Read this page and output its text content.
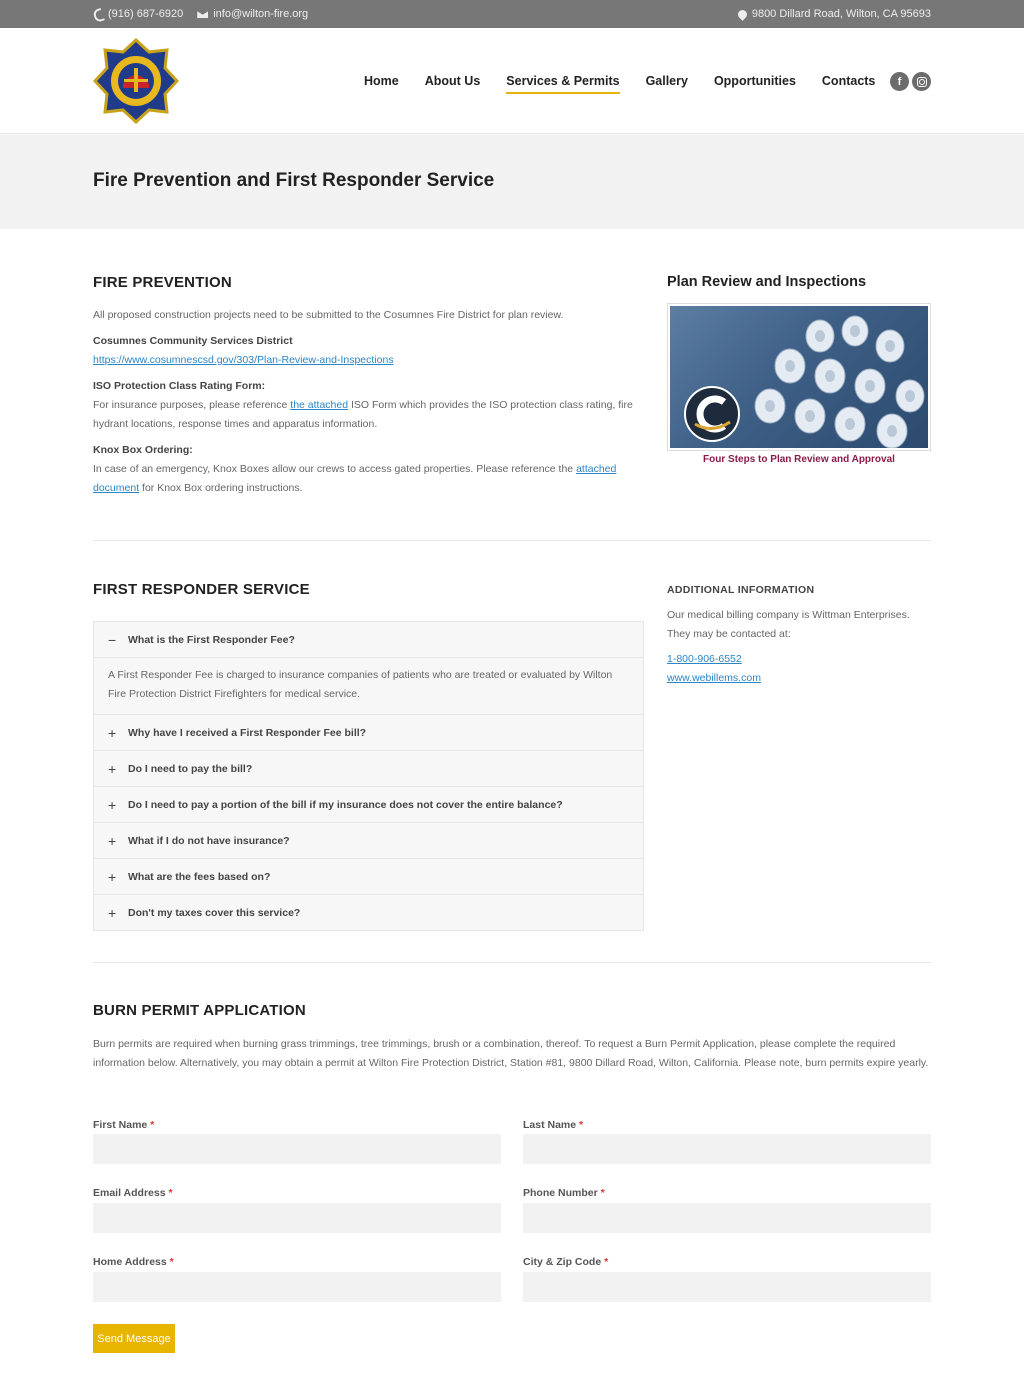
(916) 687-6920	info@wilton-fire.org	9800 Dillard Road, Wilton, CA 95693
Home About Us Services & Permits Gallery Opportunities Contacts f
Fire Prevention and First Responder Service
FIRE PREVENTION
All proposed construction projects need to be submitted to the Cosumnes Fire District for plan review.
Cosumnes Community Services District
https://www.cosumnescsd.gov/303/Plan-Review-and-Inspections
ISO Protection Class Rating Form:
For insurance purposes, please reference the attached ISO Form which provides the ISO protection class rating, fire hydrant locations, response times and apparatus information.
Knox Box Ordering:
In case of an emergency, Knox Boxes allow our crews to access gated properties. Please reference the attached document for Knox Box ordering instructions.
Plan Review and Inspections
Four Steps to Plan Review and Approval
FIRST RESPONDER SERVICE
−	What is the First Responder Fee?
A First Responder Fee is charged to insurance companies of patients who are treated or evaluated by Wilton Fire Protection District Firefighters for medical service.
+	Why have I received a First Responder Fee bill?
+	Do I need to pay the bill?
+	Do I need to pay a portion of the bill if my insurance does not cover the entire balance?
+	What if I do not have insurance?
+	What are the fees based on?
+	Don't my taxes cover this service?
ADDITIONAL INFORMATION
Our medical billing company is Wittman Enterprises. They may be contacted at:
1-800-906-6552
www.webillems.com
BURN PERMIT APPLICATION
Burn permits are required when burning grass trimmings, tree trimmings, brush or a combination, thereof. To request a Burn Permit Application, please complete the required information below. Alternatively, you may obtain a permit at Wilton Fire Protection District, Station #81, 9800 Dillard Road, Wilton, California. Please note, burn permits expire yearly.
First Name *	Last Name *
Email Address *	Phone Number *
Home Address *	City & Zip Code *
Send Message
